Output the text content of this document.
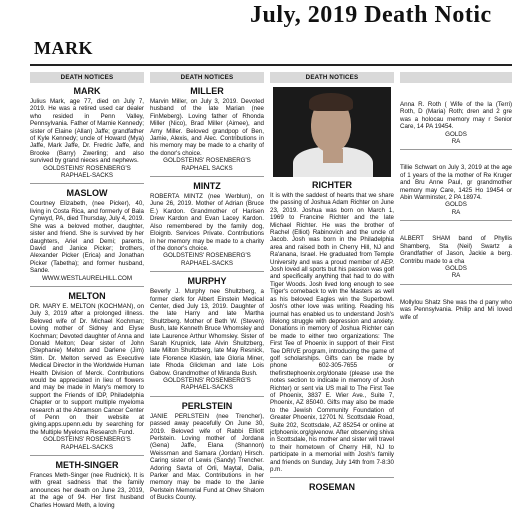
MARK
July, 2019 Death Notic
DEATH NOTICES
MARK
Julius Mark, age 77, died on July 7, 2019. He was a retired used car dealer who resided in Penn Valley, Pennsylvania. Father of Marnie Kennedy; sister of Elaine (Allan) Jaffe; grandfather of Kyle Kennedy; uncle of Howard (Mya) Jaffe, Mark Jaffe, Dr. Fredric Jaffe, and Brooke (Barry) Zwerling; and also survived by grand nieces and nephews.
GOLDSTEINS' ROSENBERG'S
RAPHAEL-SACKS
MASLOW
Courtney Elizabeth, (nee Picker), 40, living in Costa Rica, and formerly of Bala Cynwyd, PA, died Thursday, July 4, 2019. She was a beloved mother, daughter, sister and friend. She is survived by her daughters, Ariel and Demi; parents, David and Janice Picker; brothers, Alexander Picker (Erica) and Jonathan Picker (Tabetha); and former husband, Sande.
WWW.WESTLAURELHILL.COM
MELTON
DR. MARY E. MELTON (KOCHMAN), on July 3, 2019 after a prolonged illness. Beloved wife of Dr. Michael Kochman; Loving mother of Sidney and Elyse Kochman; Devoted daughter of Anna and Donald Melton; Dear sister of John (Stephanie) Melton and Darlene (Jim) Stim. Dr. Melton served as Executive Medical Director in the Worldwide Human Health Division of Merck. Contributions would be appreciated in lieu of flowers and may be made in Mary's memory to support the Friends of IDP, Philadelphia Chapter or to support multiple myeloma research at the Abramson Cancer Center of Penn on their website at giving.apps.upenn.edu by searching for the Multiple Myeloma Research Fund.
GOLDSTEINS' ROSENBERG'S
RAPHAEL-SACKS
METH-SINGER
Frances Meth-Singer (nee Rudnick). It is with great sadness that the family announces her death on June 23, 2019, at the age of 94. Her first husband Charles Howard Meth, a loving
DEATH NOTICES
MILLER
Marvin Miller, on July 3, 2019. Devoted husband of the late Marian (nee FinMeberg). Loving father of Rhonda Miller (Nico), Brad Miller (Aimee), and Amy Miller. Beloved grandpop of Ben, Jamie, Alexis, and Alec. Contributions in his memory may be made to a charity of the donor's choice.
GOLDSTEINS' ROSENBERG'S
RAPHAEL SACKS
MINTZ
ROBERTA MINTZ (nee Werblun), on June 26, 2019. Mother of Adrian (Bruce E.) Kardon. Grandmother of Harisen Drew Kardon and Evan Lacey Kardon. Also remembered by the family dog, Eloignb. Services Private. Contributions in her memory may be made to a charity of the donor's choice.
GOLDSTEINS' ROSENBERG'S
RAPHAEL-SACKS
MURPHY
Beverly J. Murphy nee Shultzberg, a former clerk for Albert Einstein Medical Center, died July 13, 2019. Daughter of the late Harry and late Martha Shultzberg. Mother of Beth W. (Steven) Bush, late Kenneth Bruce Whomsley and late Laurence Arthur Whomsley. Sister of Sarah Krupnick, late Alvin Shultzberg, late Milton Shultzberg, late May Resnick, late Florence Klaskin, late Gloria Miner, late Rhoda Glickman and late Lois Gabow. Grandmother of Miranda Bush.
GOLDSTEINS' ROSENBERG'S
RAPHAEL-SACKS
PERLSTEIN
JANIE PERLSTEIN (nee Trencher), passed away peacefully On June 30, 2019. Beloved wife of Rabbi Elliott Perlstein. Loving mother of Jordana (Gena) Jaffe, Elana (Shannon) Weissman and Samara (Jordan) Hirsch. Caring sister of Lewis (Sandy) Trencher. Adoring Savta of Orli, Maytal, Dalia, Parker and Max. Contributions in her memory may be made to the Janie Perlstein Memorial Fund at Ohev Shalom of Bucks County.
DEATH NOTICES
RICHTER
It is with the saddest of hearts that we share the passing of Joshua Adam Richter on June 23, 2019. Joshua was born on March 1, 1969 to Francine Richter and the late Michael Richter. He was the brother of Rachel (Elliot) Rabinovich and the uncle of Jacob. Josh was born in the Philadelphia area and raised both in Cherry Hill, NJ and Ra'anana, Israel. He graduated from Temple University and was a proud member of AEP. Josh loved all sports but his passion was golf and specifically anything that had to do with Tiger Woods. Josh lived long enough to see Tiger's comeback to win the Masters as well as his beloved Eagles win the Superbowl. Josh's other love was writing. Reading his journal has enabled us to understand Josh's lifelong struggle with depression and anxiety. Donations in memory of Joshua Richter can be made to either two organizations: The First Tee of Phoenix in support of their First Tee DRIVE program, introducing the game of golf scholarships. Gifts can be made by phone 602-305-7655 or thefirsttephoenix.org/donate (please use the notes section to indicate in memory of Josh Richter) or sent via US mail to The First Tee of Phoenix, 3837 E. Wier Ave., Suite 7, Phoenix, AZ 85040. Gifts may also be made to the Jewish Community Foundation of Greater Phoenix, 12701 N. Scottsdale Road, Suite 202, Scottsdale, AZ 85254 or online at jcfphoenix.org/givenow. After observing shiva in Scottsdale, his mother and sister will travel to their hometown of Cherry Hill, NJ to participate in a memorial with Josh's family and friends on Sunday, July 14th from 7-8:30 p.m.
ROSEMAN
Anna R. Roth ( Wife of the la (Terri) Roth, D (Maria) Roth; dren and 2 gre was a holocau memory may r Senior Care, 14 PA 19454.
GOLDS
RA
Tillie Schwart on July 3, 2019 at the age of 1 years of the la mother of Re Kruger and Bru Anne Paul, gr grandmother memory may Care, 1425 Ho 19454 or Abin Warminster, 2 PA 18974.
GOLDS
RA
ALBERT SHAM band of Phyllis Shamberg, Sta (Neil) Swartz a Grandfather of Jason, Jackie a berg. Contribu made to a cha
GOLDS
RA
Mollylou Shatz She was the d pany who was Pennsylvania. Philip and Mi loved wife of
